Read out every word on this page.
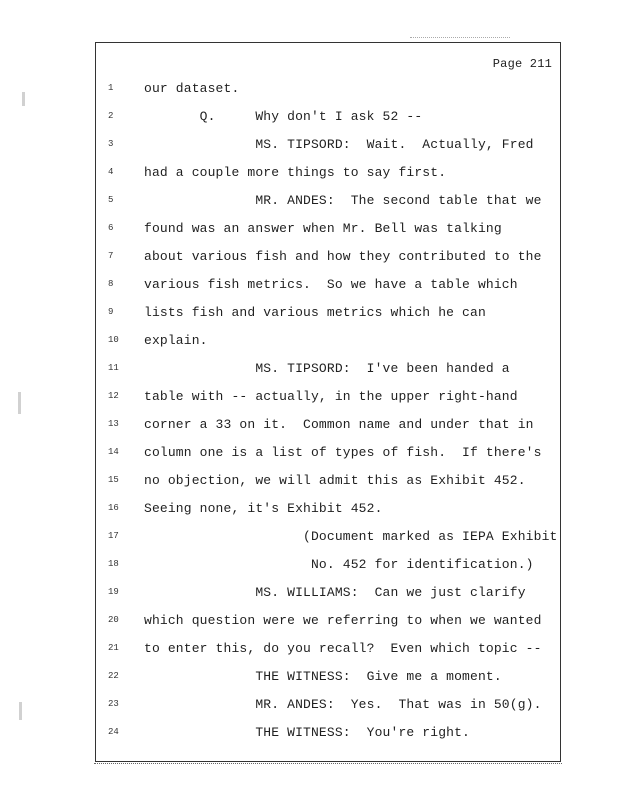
Page 211
1	our dataset.
2	Q.     Why don't I ask 52 --
3	MS. TIPSORD:  Wait.  Actually, Fred
4	had a couple more things to say first.
5	MR. ANDES:  The second table that we
6	found was an answer when Mr. Bell was talking
7	about various fish and how they contributed to the
8	various fish metrics.  So we have a table which
9	lists fish and various metrics which he can
10	explain.
11	MS. TIPSORD:  I've been handed a
12	table with -- actually, in the upper right-hand
13	corner a 33 on it.  Common name and under that in
14	column one is a list of types of fish.  If there's
15	no objection, we will admit this as Exhibit 452.
16	Seeing none, it's Exhibit 452.
17	(Document marked as IEPA Exhibit
18	No. 452 for identification.)
19	MS. WILLIAMS:  Can we just clarify
20	which question were we referring to when we wanted
21	to enter this, do you recall?  Even which topic --
22	THE WITNESS:  Give me a moment.
23	MR. ANDES:  Yes.  That was in 50(g).
24	THE WITNESS:  You're right.
